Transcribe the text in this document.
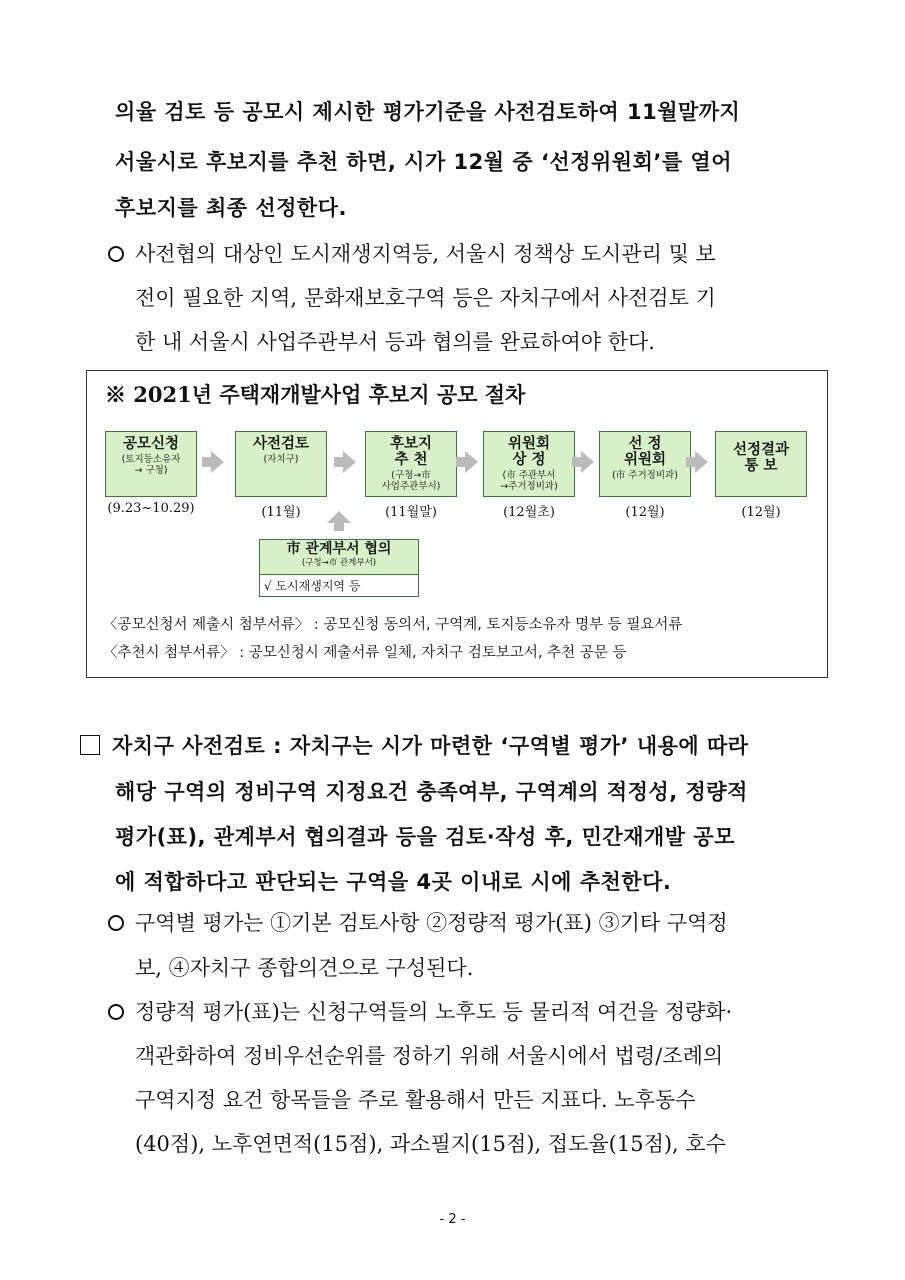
의율 검토 등 공모시 제시한 평가기준을 사전검토하여 11월말까지
서울시로 후보지를 추천 하면, 시가 12월 중 ‘선정위원회’를 열어
후보지를 최종 선정한다.
사전협의 대상인 도시재생지역등, 서울시 정책상 도시관리 및 보
전이 필요한 지역, 문화재보호구역 등은 자치구에서 사전검토 기
한 내 서울시 사업주관부서 등과 협의를 완료하여야 한다.
※ 2021년 주택재개발사업 후보지 공모 절차
공모신청
(토지등소유자
→ 구청)
사전검토
(자치구)
후보지
추 천
(구청→市
사업주관부서)
위원회
상 정
(市 주관부서
→주거정비과)
선 정
위원회
(市 주거정비과)
선정결과
통 보
(9.23~10.29)	(11월)	(11월말)	(12월초)	(12월)	(12월)
市 관계부서 협의
(구청→市 관계부서)
√ 도시재생지역 등
〈공모신청서 제출시 첨부서류〉 : 공모신청 동의서, 구역계, 토지등소유자 명부 등 필요서류
〈추천시 첨부서류〉 : 공모신청시 제출서류 일체, 자치구 검토보고서, 추천 공문 등
자치구 사전검토 : 자치구는 시가 마련한 ‘구역별 평가’ 내용에 따라
해당 구역의 정비구역 지정요건 충족여부, 구역계의 적정성, 정량적
평가(표), 관계부서 협의결과 등을 검토·작성 후, 민간재개발 공모
에 적합하다고 판단되는 구역을 4곳 이내로 시에 추천한다.
구역별 평가는 ①기본 검토사항 ②정량적 평가(표) ③기타 구역정
보, ④자치구 종합의견으로 구성된다.
정량적 평가(표)는 신청구역들의 노후도 등 물리적 여건을 정량화·
객관화하여 정비우선순위를 정하기 위해 서울시에서 법령/조례의
구역지정 요건 항목들을 주로 활용해서 만든 지표다. 노후동수
(40점), 노후연면적(15점), 과소필지(15점), 접도율(15점), 호수
- 2 -
